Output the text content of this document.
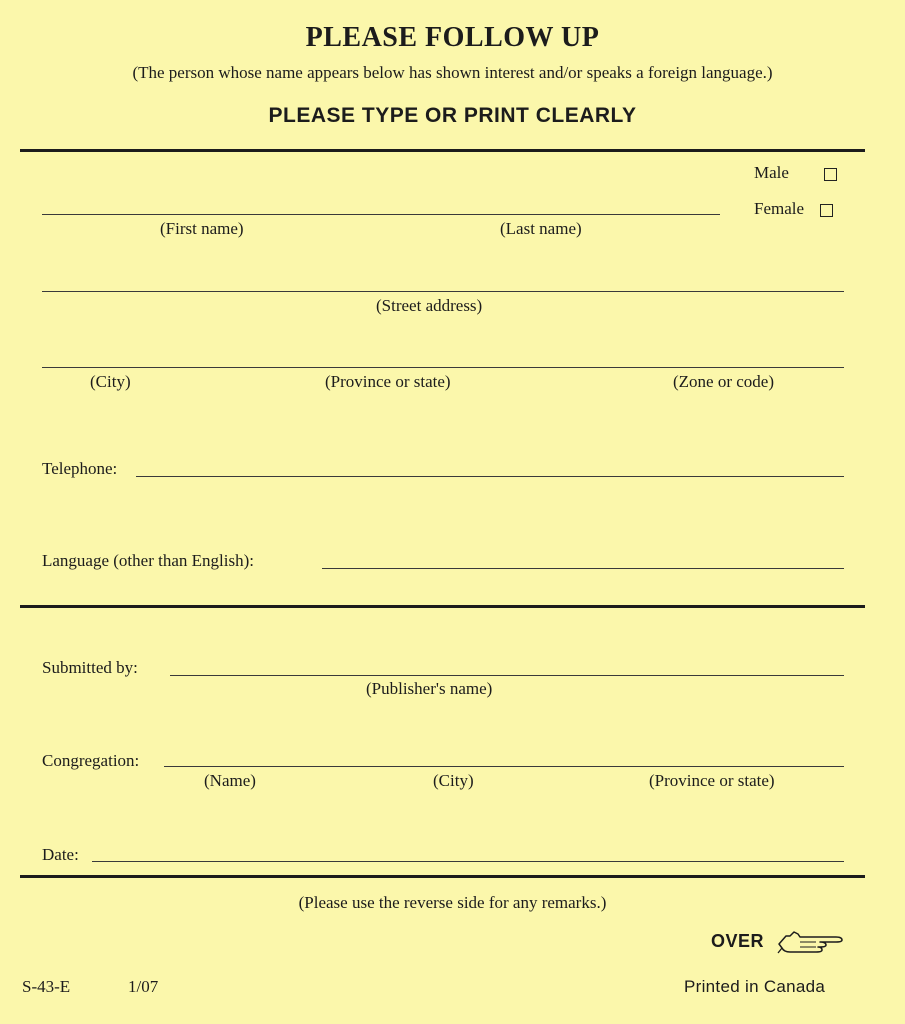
PLEASE FOLLOW UP
(The person whose name appears below has shown interest and/or speaks a foreign language.)
PLEASE TYPE OR PRINT CLEARLY
Male
Female
(First name)	(Last name)
(Street address)
(City)	(Province or state)	(Zone or code)
Telephone:
Language (other than English):
Submitted by:
(Publisher's name)
Congregation:
(Name)	(City)	(Province or state)
Date:
(Please use the reverse side for any remarks.)
OVER
S-43-E	1/07	Printed in Canada
